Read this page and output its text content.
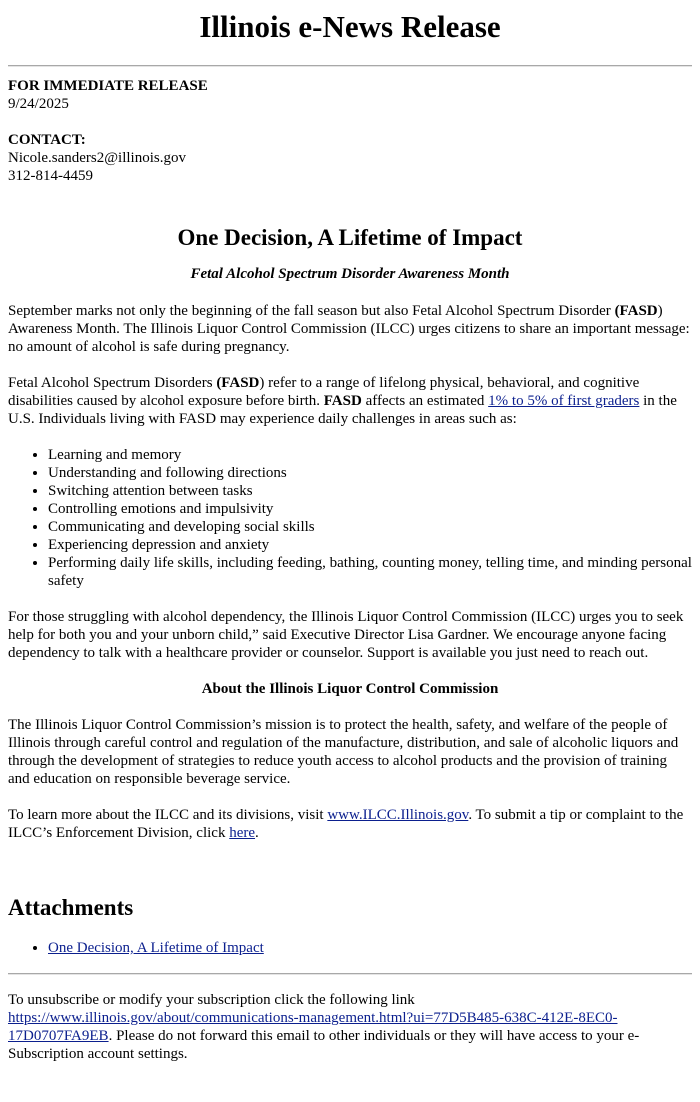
Illinois e-News Release
FOR IMMEDIATE RELEASE
9/24/2025
CONTACT:
Nicole.sanders2@illinois.gov
312-814-4459
One Decision, A Lifetime of Impact
Fetal Alcohol Spectrum Disorder Awareness Month

September marks not only the beginning of the fall season but also Fetal Alcohol Spectrum Disorder (FASD) Awareness Month. The Illinois Liquor Control Commission (ILCC) urges citizens to share an important message: no amount of alcohol is safe during pregnancy.

Fetal Alcohol Spectrum Disorders (FASD) refer to a range of lifelong physical, behavioral, and cognitive disabilities caused by alcohol exposure before birth. FASD affects an estimated 1% to 5% of first graders in the U.S. Individuals living with FASD may experience daily challenges in areas such as:

• Learning and memory
• Understanding and following directions
• Switching attention between tasks
• Controlling emotions and impulsivity
• Communicating and developing social skills
• Experiencing depression and anxiety
• Performing daily life skills, including feeding, bathing, counting money, telling time, and minding personal safety

For those struggling with alcohol dependency, the Illinois Liquor Control Commission (ILCC) urges you to seek help for both you and your unborn child,” said Executive Director Lisa Gardner. We encourage anyone facing dependency to talk with a healthcare provider or counselor. Support is available you just need to reach out.

About the Illinois Liquor Control Commission

The Illinois Liquor Control Commission’s mission is to protect the health, safety, and welfare of the people of Illinois through careful control and regulation of the manufacture, distribution, and sale of alcoholic liquors and through the development of strategies to reduce youth access to alcohol products and the provision of training and education on responsible beverage service.

To learn more about the ILCC and its divisions, visit www.ILCC.Illinois.gov. To submit a tip or complaint to the ILCC’s Enforcement Division, click here.

Attachments
• One Decision, A Lifetime of Impact
To unsubscribe or modify your subscription click the following link
https://www.illinois.gov/about/communications-management.html?ui=77D5B485-638C-412E-8EC0-17D0707FA9EB. Please do not forward this email to other individuals or they will have access to your e-Subscription account settings.
